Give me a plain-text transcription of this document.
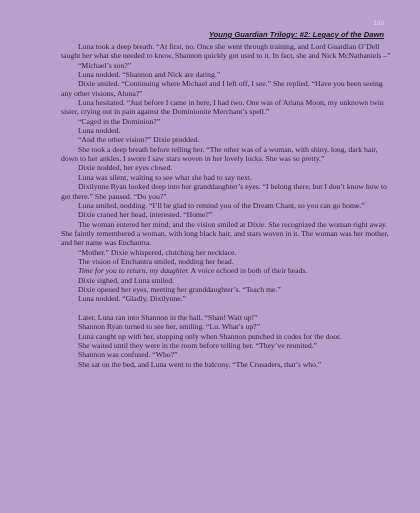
100
Young Guardian Trilogy: #2: Legacy of the Dawn

Luna took a deep breath. “At first, no. Once she went through training, and Lord Guardian O’Dell taught her what she needed to know, Shannon quickly got used to it. In fact, she and Nick McNathaniels –”

“Michael’s son?”

Luna nodded. “Shannon and Nick are dating.”

Dixie smiled. “Continuing where Michael and I left off, I see.” She replied. “Have you been seeing any other visions, Aluna?”

Luna hesitated. “Just before I came in here, I had two. One was of Ariana Moon, my unknown twin sister, crying out in pain against the Dominionite Merchant’s spell.”

“Caged in the Dominion?”

Luna nodded.

“And the other vision?” Dixie prodded.

She took a deep breath before telling her. “The other was of a woman, with shiny, long, dark hair, down to her ankles. I swore I saw stars woven in her lovely locks. She was so pretty.”

Dixie nodded, her eyes closed.

Luna was silent, waiting to see what she had to say next.

Dixilynne Ryan looked deep into her granddaughter’s eyes. “I belong there, but I don’t know how to get there.” She paused. “Do you?”

Luna smiled, nodding. “I’ll be glad to remind you of the Dream Chant, so you can go home.”

Dixie craned her head, interested. “Home?”

The woman entered her mind, and the vision smiled at Dixie. She recognized the woman right away. She faintly remembered a woman, with long black hair, and stars woven in it. The woman was her mother, and her name was Enchantra.

“Mother.” Dixie whispered, clutching her necklace.

The vision of Enchantra smiled, nodding her head.

Time for you to return, my daughter. A voice echoed in both of their heads.

Dixie sighed, and Luna smiled.

Dixie opened her eyes, meeting her granddaughter’s. “Teach me.”

Luna nodded. “Gladly, Dixilynne.”

Later, Luna ran into Shannon in the hall. “Shan! Wait up!”

Shannon Ryan turned to see her, smiling. “Lu. What’s up?”

Luna caught up with her, stopping only when Shannon punched in codes for the door.

She waited until they were in the room before telling her. “They’ve reunited.”

Shannon was confused. “Who?”

She sat on the bed, and Luna went to the balcony. “The Crusaders, that’s who.”
